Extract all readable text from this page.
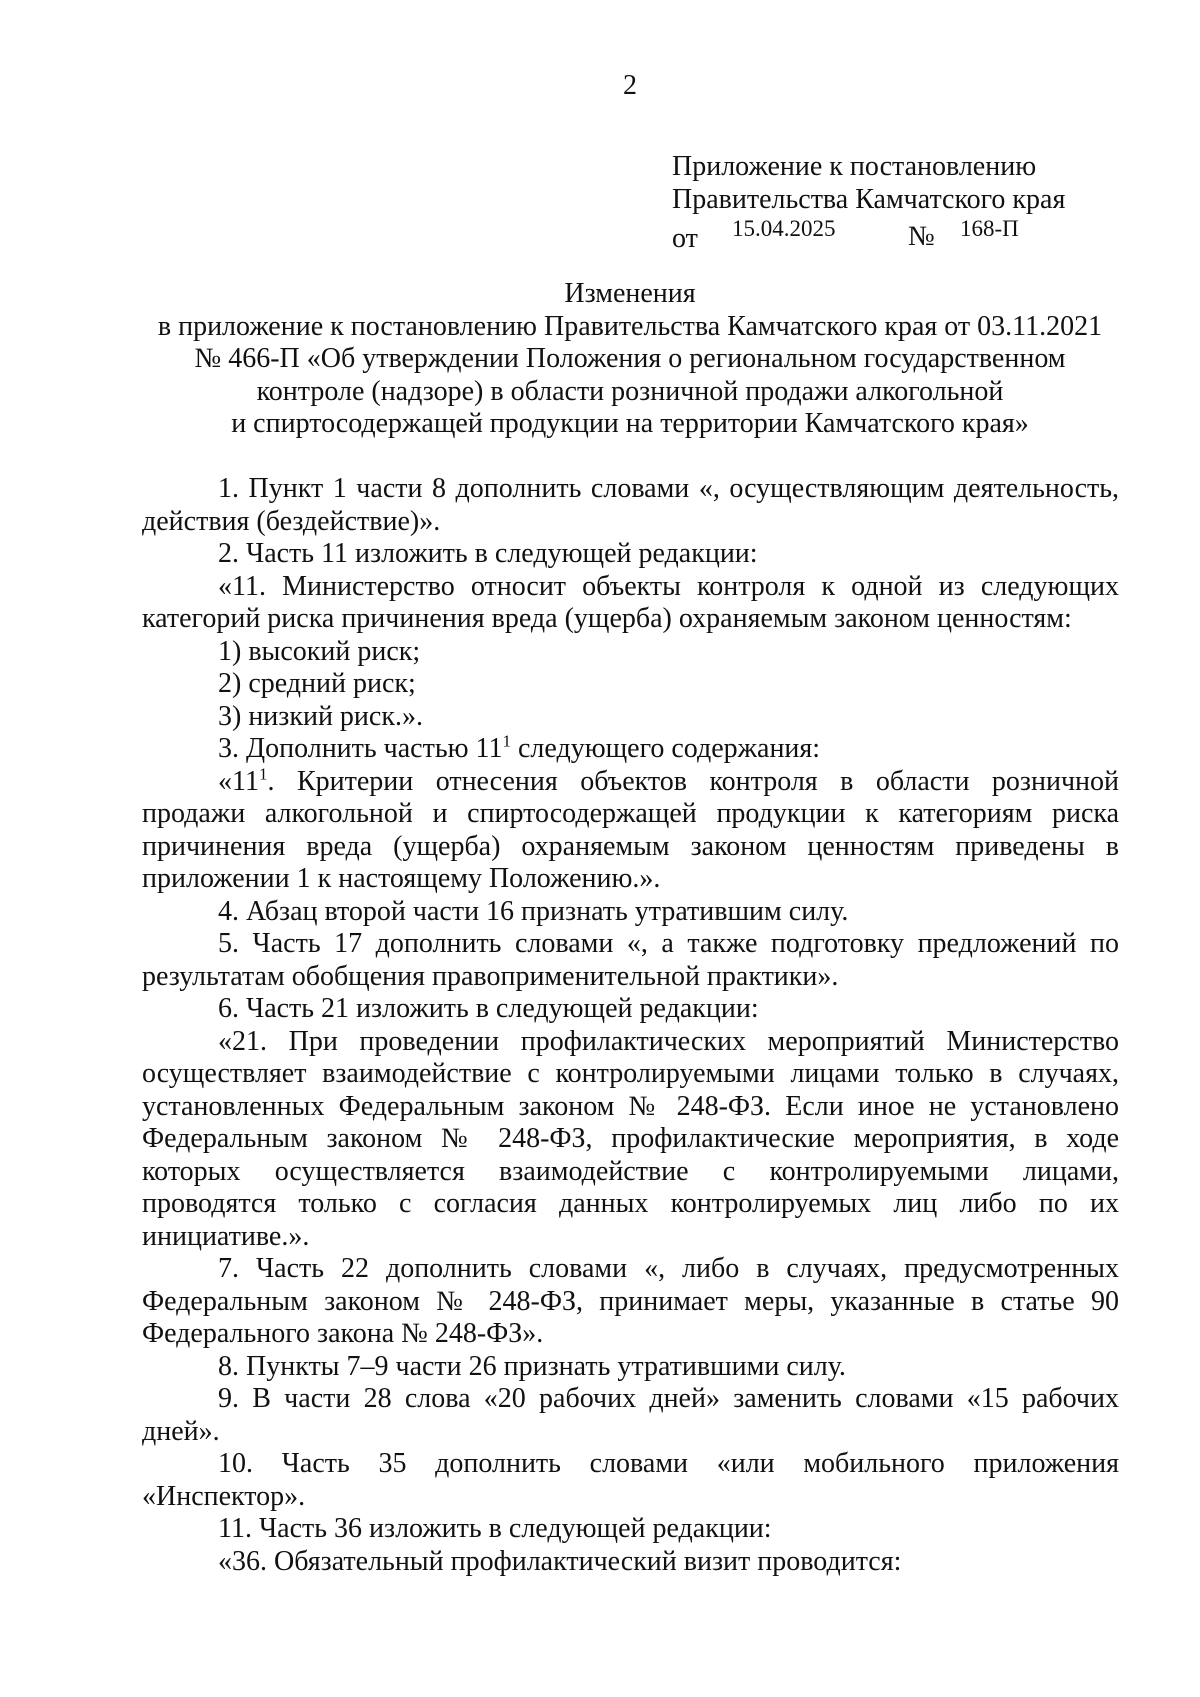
2
Приложение к постановлению
Правительства Камчатского края
от 15.04.2025	№ 168-П
Изменения
в приложение к постановлению Правительства Камчатского края от 03.11.2021
№ 466-П «Об утверждении Положения о региональном государственном
контроле (надзоре) в области розничной продажи алкогольной
и спиртосодержащей продукции на территории Камчатского края»

1. Пункт 1 части 8 дополнить словами «, осуществляющим деятельность, действия (бездействие)».

2. Часть 11 изложить в следующей редакции:

«11. Министерство относит объекты контроля к одной из следующих категорий риска причинения вреда (ущерба) охраняемым законом ценностям:

1) высокий риск;

2) средний риск;

3) низкий риск.».

3. Дополнить частью $11^1$ следующего содержания:

«$11^1$. Критерии отнесения объектов контроля в области розничной продажи алкогольной и спиртосодержащей продукции к категориям риска причинения вреда (ущерба) охраняемым законом ценностям приведены в приложении 1 к настоящему Положению.».

4. Абзац второй части 16 признать утратившим силу.

5. Часть 17 дополнить словами «, а также подготовку предложений по результатам обобщения правоприменительной практики».

6. Часть 21 изложить в следующей редакции:

«21. При проведении профилактических мероприятий Министерство осуществляет взаимодействие с контролируемыми лицами только в случаях, установленных Федеральным законом № 248-ФЗ. Если иное не установлено Федеральным законом № 248-ФЗ, профилактические мероприятия, в ходе которых осуществляется взаимодействие с контролируемыми лицами, проводятся только с согласия данных контролируемых лиц либо по их инициативе.».

7. Часть 22 дополнить словами «, либо в случаях, предусмотренных Федеральным законом № 248-ФЗ, принимает меры, указанные в статье 90 Федерального закона № 248-ФЗ».

8. Пункты 7–9 части 26 признать утратившими силу.

9. В части 28 слова «20 рабочих дней» заменить словами «15 рабочих дней».

10. Часть 35 дополнить словами «или мобильного приложения «Инспектор».

11. Часть 36 изложить в следующей редакции:

«36. Обязательный профилактический визит проводится:
